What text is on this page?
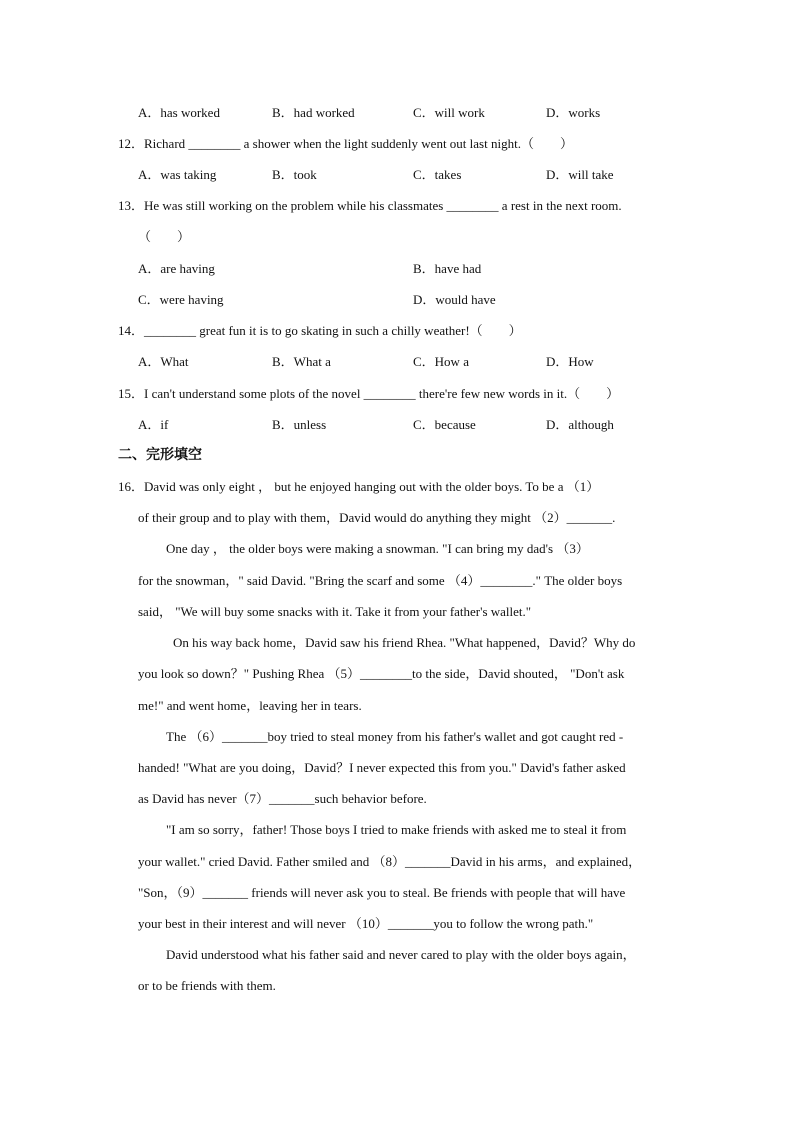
A．has worked	B．had worked	C．will work	D．works
12．Richard ________ a shower when the light suddenly went out last night.（　　）
A．was taking	B．took	C．takes	D．will take
13．He was still working on the problem while his classmates ________ a rest in the next room.
（　　）
A．are having	B．have had
C．were having	D．would have
14．________ great fun it is to go skating in such a chilly weather!（　　）
A．What	B．What a	C．How a	D．How
15．I can't understand some plots of the novel ________ there're few new words in it.（　　）
A．if	B．unless	C．because	D．although
二、完形填空
16．David was only eight ， but he enjoyed hanging out with the older boys. To be a （1）
of their group and to play with them，David would do anything they might （2）_______.
One day ， the older boys were making a snowman. "I can bring my dad's （3）
for the snowman，" said David. "Bring the scarf and some （4）________." The older boys
said， "We will buy some snacks with it. Take it from your father's wallet."
On his way back home，David saw his friend Rhea. "What happened，David？Why do
you look so down？" Pushing Rhea （5）________to the side，David shouted， "Don't ask
me!" and went home，leaving her in tears.
The （6）_______boy tried to steal money from his father's wallet and got caught red -
handed! "What are you doing，David？I never expected this from you." David's father asked
as David has never（7）_______such behavior before.
"I am so sorry，father! Those boys I tried to make friends with asked me to steal it from
your wallet." cried David. Father smiled and （8）_______David in his arms，and explained，
"Son，（9）_______ friends will never ask you to steal. Be friends with people that will have
your best in their interest and will never （10）_______you to follow the wrong path."
David understood what his father said and never cared to play with the older boys again，
or to be friends with them.
